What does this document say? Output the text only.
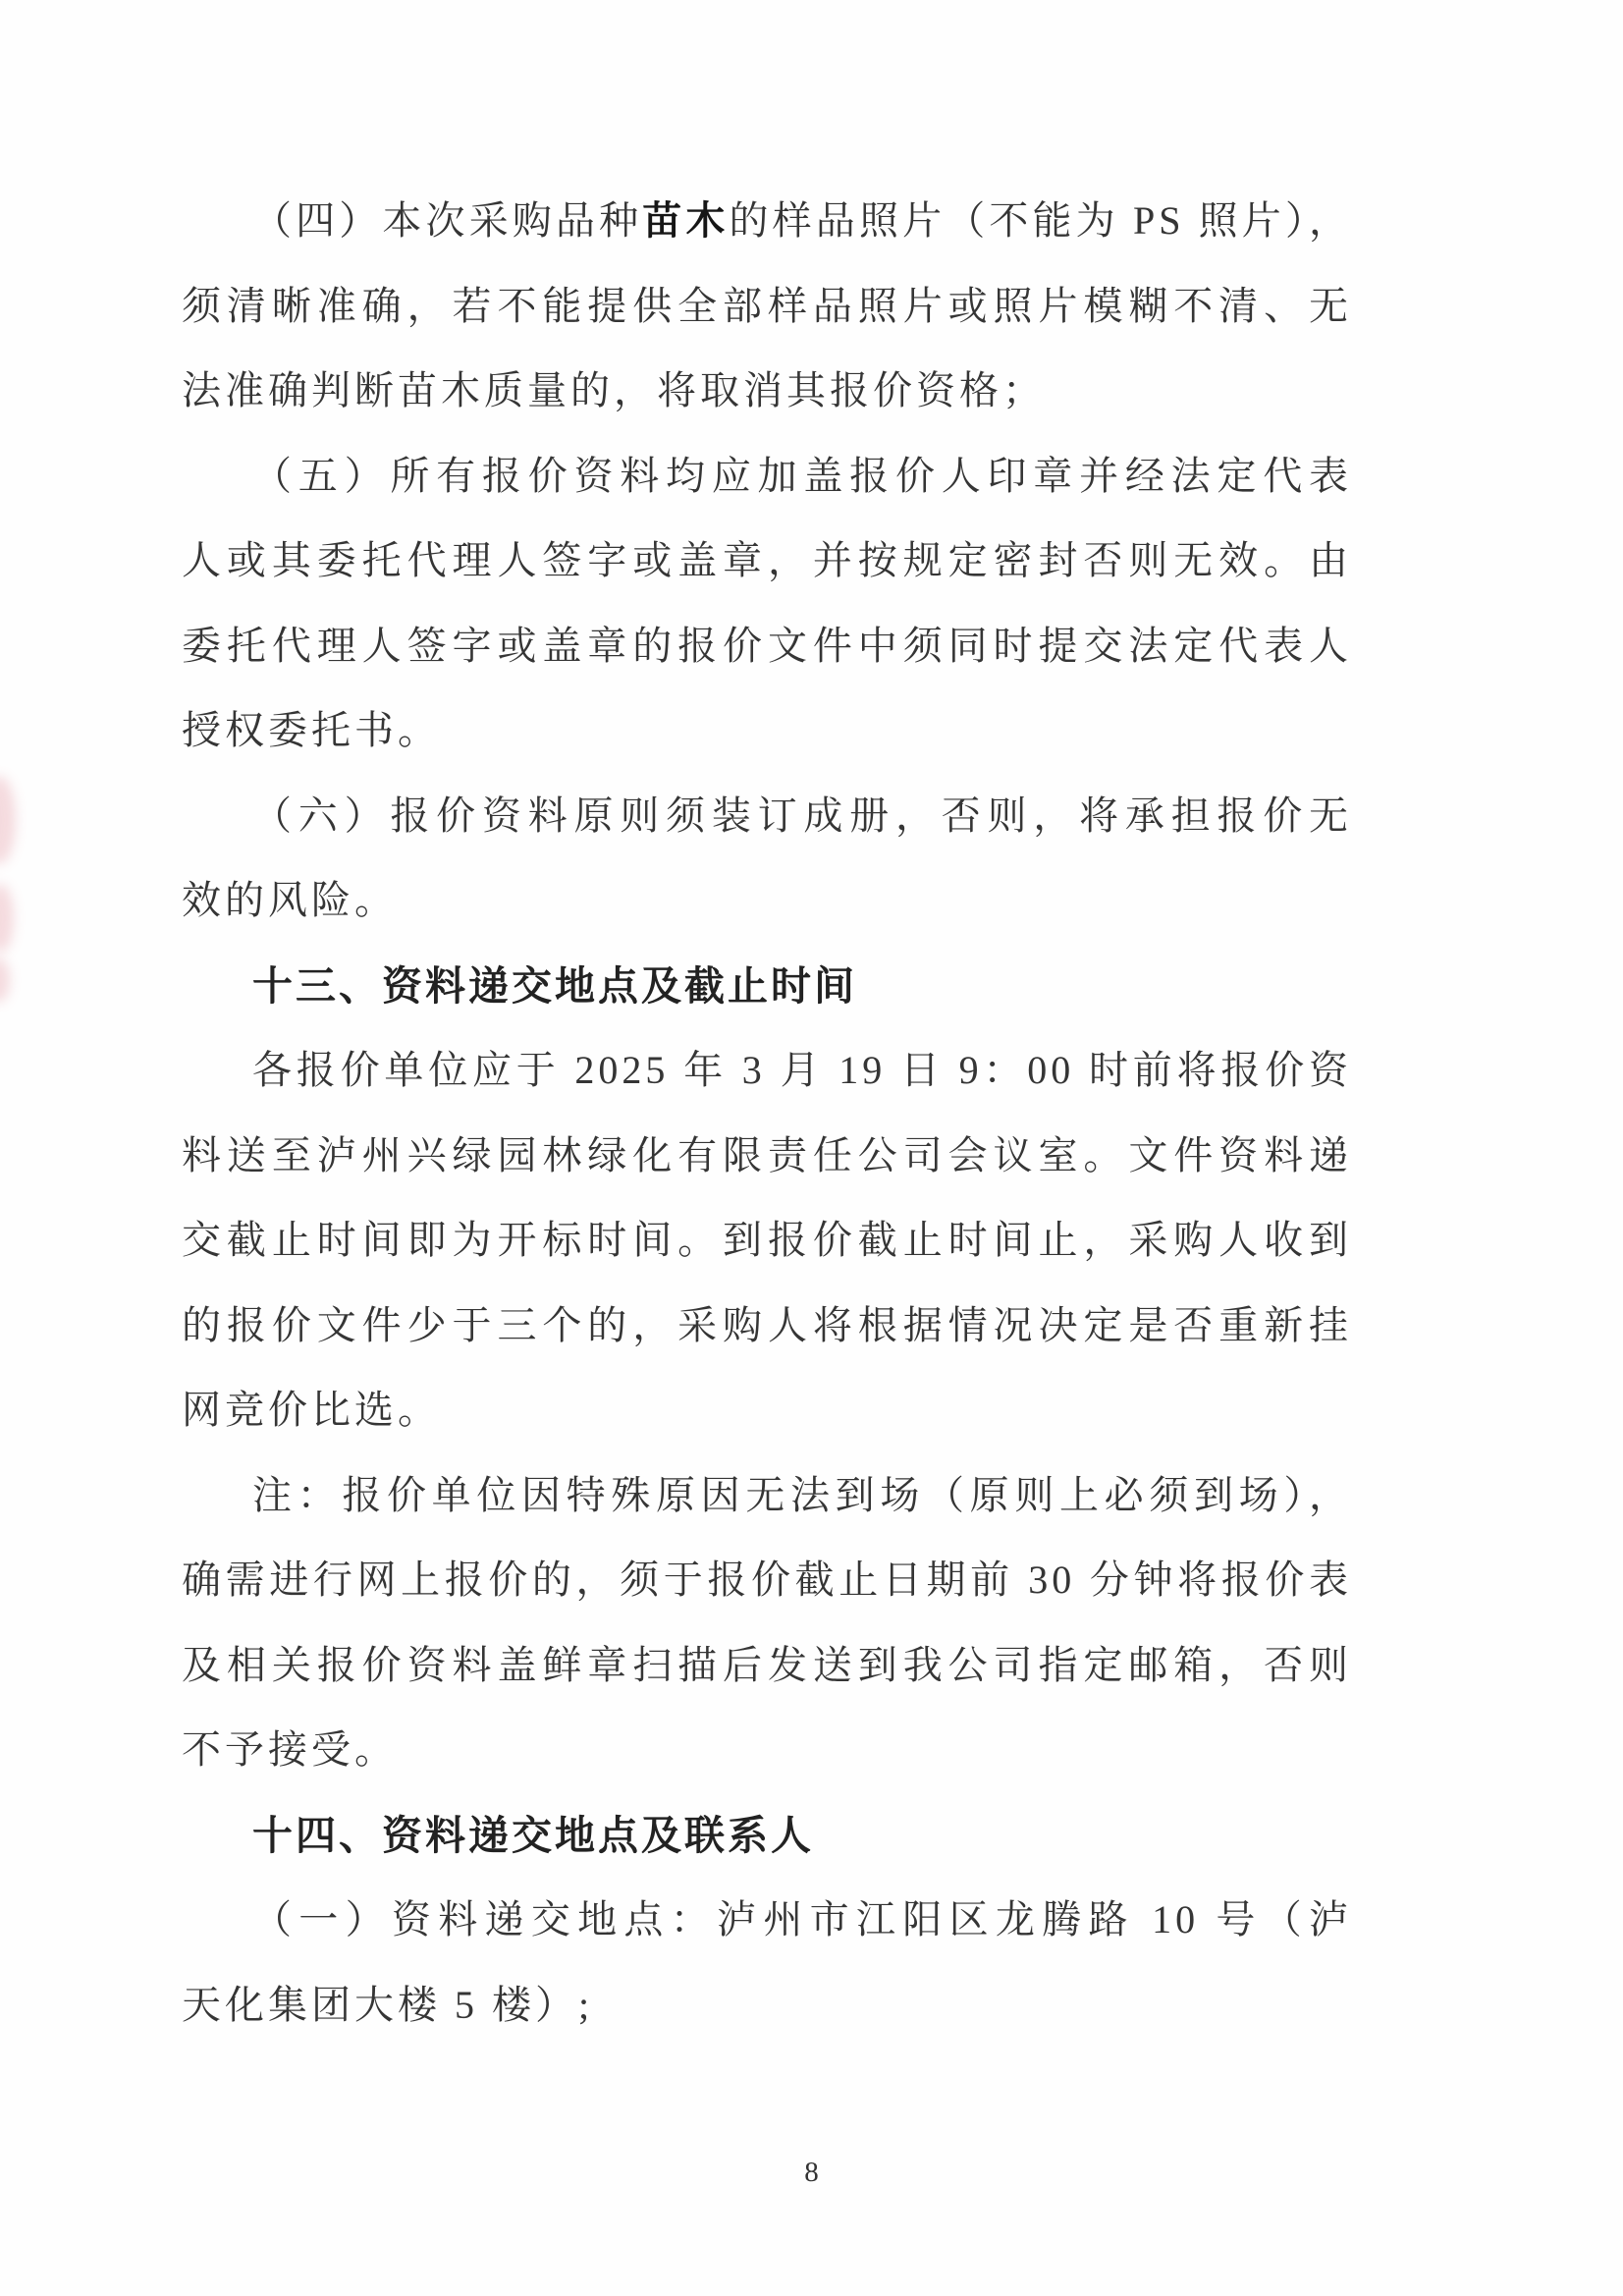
（四）本次采购品种苗木的样品照片（不能为 PS 照片），
须清晰准确，若不能提供全部样品照片或照片模糊不清、无
法准确判断苗木质量的，将取消其报价资格；
（五）所有报价资料均应加盖报价人印章并经法定代表
人或其委托代理人签字或盖章，并按规定密封否则无效。由
委托代理人签字或盖章的报价文件中须同时提交法定代表人
授权委托书。
（六）报价资料原则须装订成册，否则，将承担报价无
效的风险。
十三、资料递交地点及截止时间
各报价单位应于 2025 年 3 月 19 日 9：00 时前将报价资
料送至泸州兴绿园林绿化有限责任公司会议室。文件资料递
交截止时间即为开标时间。到报价截止时间止，采购人收到
的报价文件少于三个的，采购人将根据情况决定是否重新挂
网竞价比选。
注：报价单位因特殊原因无法到场（原则上必须到场），
确需进行网上报价的，须于报价截止日期前 30 分钟将报价表
及相关报价资料盖鲜章扫描后发送到我公司指定邮箱，否则
不予接受。
十四、资料递交地点及联系人
（一）资料递交地点：泸州市江阳区龙腾路 10 号（泸
天化集团大楼 5 楼）;
8
